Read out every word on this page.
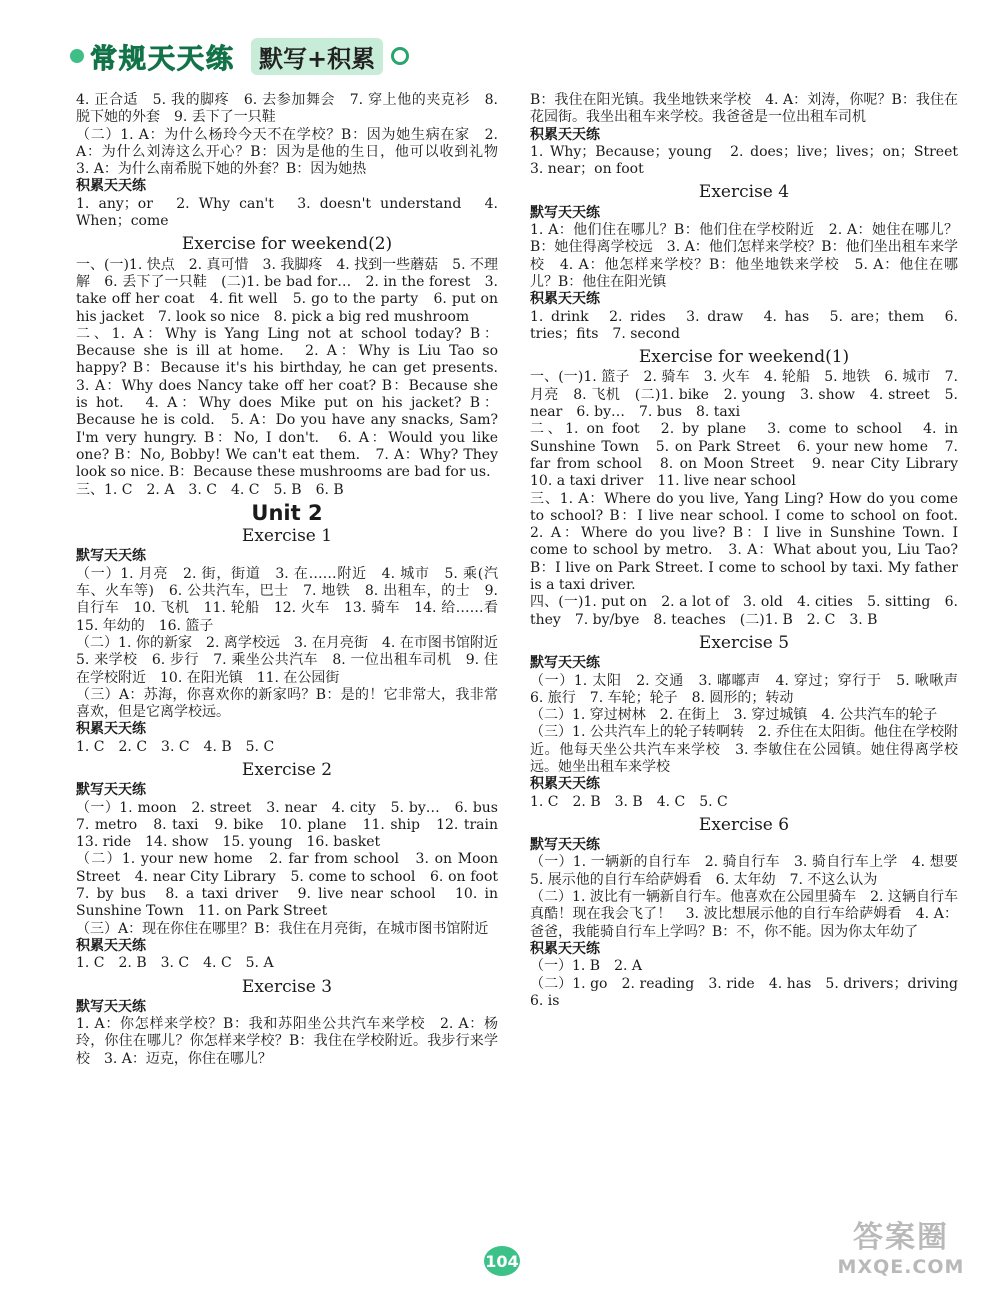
常规天天练	默写+积累

4. 正合适　5. 我的脚疼　6. 去参加舞会　7. 穿上他的夹克衫　8. 脱下她的外套　9. 丢下了一只鞋

（二）1. A：为什么杨玲今天不在学校？B：因为她生病在家　2. A：为什么刘涛这么开心？B：因为是他的生日，他可以收到礼物　3. A：为什么南希脱下她的外套？B：因为她热

积累天天练

1. any；or　2. Why can't　3. doesn't understand　4. When；come

Exercise for weekend(2)

一、(一)1. 快点　2. 真可惜　3. 我脚疼　4. 找到一些蘑菇　5. 不理解　6. 丢下了一只鞋　(二)1. be bad for…　2. in the forest　3. take off her coat　4. fit well　5. go to the party　6. put on his jacket　7. look so nice　8. pick a big red mushroom

二、1. A：Why is Yang Ling not at school today? B：Because she is ill at home.　2. A：Why is Liu Tao so happy? B：Because it's his birthday, he can get presents.　3. A：Why does Nancy take off her coat? B：Because she is hot.　4. A：Why does Mike put on his jacket? B：Because he is cold.　5. A：Do you have any snacks, Sam? I'm very hungry. B：No, I don't.　6. A：Would you like one? B：No, Bobby! We can't eat them.　7. A：Why? They look so nice. B：Because these mushrooms are bad for us.

三、1. C　2. A　3. C　4. C　5. B　6. B

Unit 2
Exercise 1
默写天天练

（一）1. 月亮　2. 街，街道　3. 在……附近　4. 城市　5. 乘(汽车、火车等)　6. 公共汽车，巴士　7. 地铁　8. 出租车，的士　9. 自行车　10. 飞机　11. 轮船　12. 火车　13. 骑车　14. 给……看　15. 年幼的　16. 篮子

（二）1. 你的新家　2. 离学校远　3. 在月亮街　4. 在市图书馆附近　5. 来学校　6. 步行　7. 乘坐公共汽车　8. 一位出租车司机　9. 住在学校附近　10. 在阳光镇　11. 在公园街

（三）A：苏海，你喜欢你的新家吗？B：是的！它非常大，我非常喜欢，但是它离学校远。

积累天天练

1. C　2. C　3. C　4. B　5. C

Exercise 2
默写天天练

（一）1. moon　2. street　3. near　4. city　5. by…　6. bus　7. metro　8. taxi　9. bike　10. plane　11. ship　12. train　13. ride　14. show　15. young　16. basket

（二）1. your new home　2. far from school　3. on Moon Street　4. near City Library　5. come to school　6. on foot　7. by bus　8. a taxi driver　9. live near school　10. in Sunshine Town　11. on Park Street

（三）A：现在你住在哪里？B：我住在月亮街，在城市图书馆附近

积累天天练

1. C　2. B　3. C　4. C　5. A

Exercise 3
默写天天练

1. A：你怎样来学校？B：我和苏阳坐公共汽车来学校　2. A：杨玲，你住在哪儿？你怎样来学校？B：我住在学校附近。我步行来学校　3. A：迈克，你住在哪儿？

B：我住在阳光镇。我坐地铁来学校　4. A：刘涛，你呢？B：我住在花园街。我坐出租车来学校。我爸爸是一位出租车司机

积累天天练

1. Why；Because；young　2. does；live；lives；on；Street　3. near；on foot

Exercise 4
默写天天练

1. A：他们住在哪儿？B：他们住在学校附近　2. A：她住在哪儿？B：她住得离学校远　3. A：他们怎样来学校？B：他们坐出租车来学校　4. A：他怎样来学校？B：他坐地铁来学校　5. A：他住在哪儿？B：他住在阳光镇

积累天天练

1. drink　2. rides　3. draw　4. has　5. are；them　6. tries；fits　7. second

Exercise for weekend(1)

一、(一)1. 篮子　2. 骑车　3. 火车　4. 轮船　5. 地铁　6. 城市　7. 月亮　8. 飞机　(二)1. bike　2. young　3. show　4. street　5. near　6. by…　7. bus　8. taxi

二、1. on foot　2. by plane　3. come to school　4. in Sunshine Town　5. on Park Street　6. your new home　7. far from school　8. on Moon Street　9. near City Library　10. a taxi driver　11. live near school

三、1. A：Where do you live, Yang Ling? How do you come to school? B：I live near school. I come to school on foot.　2. A：Where do you live? B：I live in Sunshine Town. I come to school by metro.　3. A：What about you, Liu Tao? B：I live on Park Street. I come to school by taxi. My father is a taxi driver.

四、(一)1. put on　2. a lot of　3. old　4. cities　5. sitting　6. they　7. by/bye　8. teaches　(二)1. B　2. C　3. B

Exercise 5
默写天天练

（一）1. 太阳　2. 交通　3. 嘟嘟声　4. 穿过；穿行于　5. 啾啾声　6. 旅行　7. 车轮；轮子　8. 圆形的；转动

（二）1. 穿过树林　2. 在街上　3. 穿过城镇　4. 公共汽车的轮子

（三）1. 公共汽车上的轮子转啊转　2. 乔住在太阳街。他住在学校附近。他每天坐公共汽车来学校　3. 李敏住在公园镇。她住得离学校远。她坐出租车来学校

积累天天练

1. C　2. B　3. B　4. C　5. C

Exercise 6
默写天天练

（一）1. 一辆新的自行车　2. 骑自行车　3. 骑自行车上学　4. 想要　5. 展示他的自行车给萨姆看　6. 太年幼　7. 不这么认为

（二）1. 波比有一辆新自行车。他喜欢在公园里骑车　2. 这辆自行车真酷！现在我会飞了！　3. 波比想展示他的自行车给萨姆看　4. A：爸爸，我能骑自行车上学吗？B：不，你不能。因为你太年幼了

积累天天练

（一）1. B　2. A

（二）1. go　2. reading　3. ride　4. has　5. drivers；driving　6. is

104
答案圈
MXQE.COM
